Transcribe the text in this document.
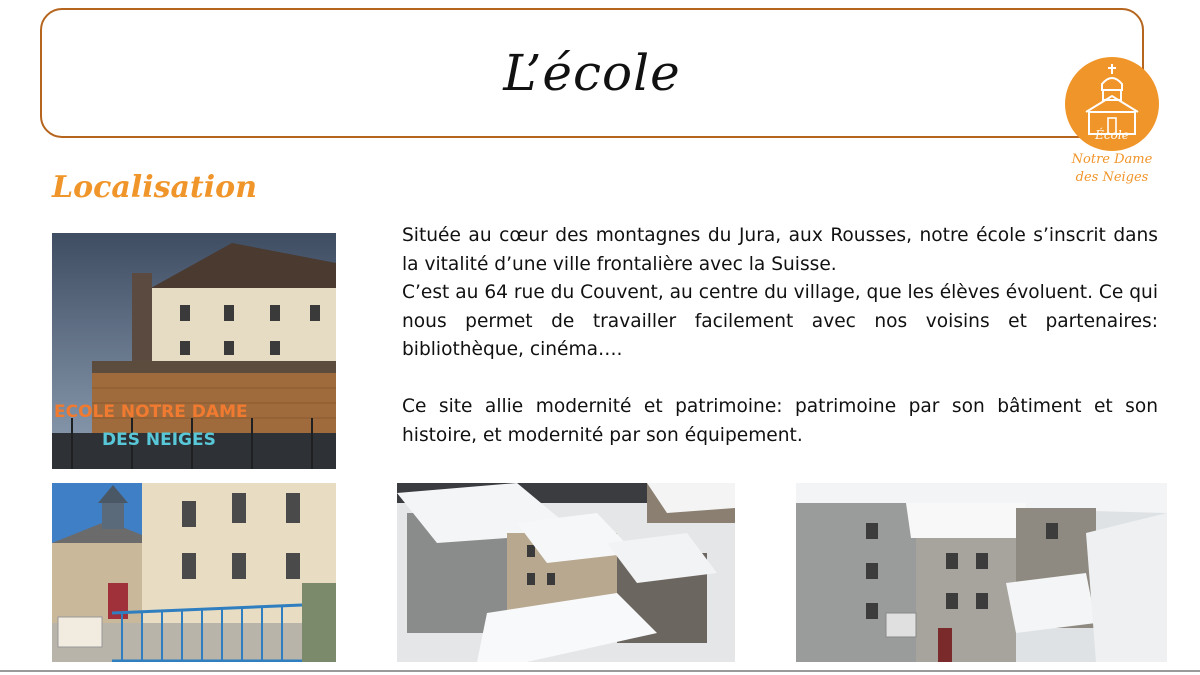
L’école
École
Notre Dame
des Neiges
Localisation

Située au cœur des montagnes du Jura, aux Rousses, notre école s’inscrit dans la vitalité d’une ville frontalière avec la Suisse.

C’est au 64 rue du Couvent, au centre du village, que les élèves évoluent. Ce qui nous permet de travailler facilement avec nos voisins et partenaires: bibliothèque, cinéma….

Ce site allie modernité et patrimoine: patrimoine par son bâtiment et son histoire, et modernité par son équipement.

ECOLE NOTRE DAME
DES NEIGES
